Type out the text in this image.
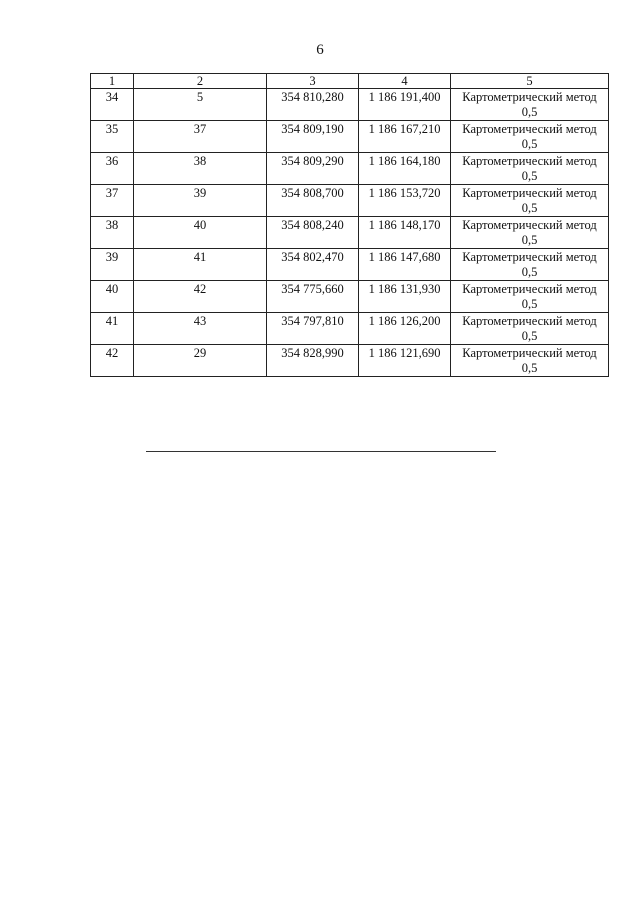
6
1	2	3	4	5
34	5	354 810,280	1 186 191,400	Картометрический метод
0,5

35	37	354 809,190	1 186 167,210	Картометрический метод
0,5

36	38	354 809,290	1 186 164,180	Картометрический метод
0,5

37	39	354 808,700	1 186 153,720	Картометрический метод
0,5

38	40	354 808,240	1 186 148,170	Картометрический метод
0,5

39	41	354 802,470	1 186 147,680	Картометрический метод
0,5

40	42	354 775,660	1 186 131,930	Картометрический метод
0,5

41	43	354 797,810	1 186 126,200	Картометрический метод
0,5

42	29	354 828,990	1 186 121,690	Картометрический метод
0,5
